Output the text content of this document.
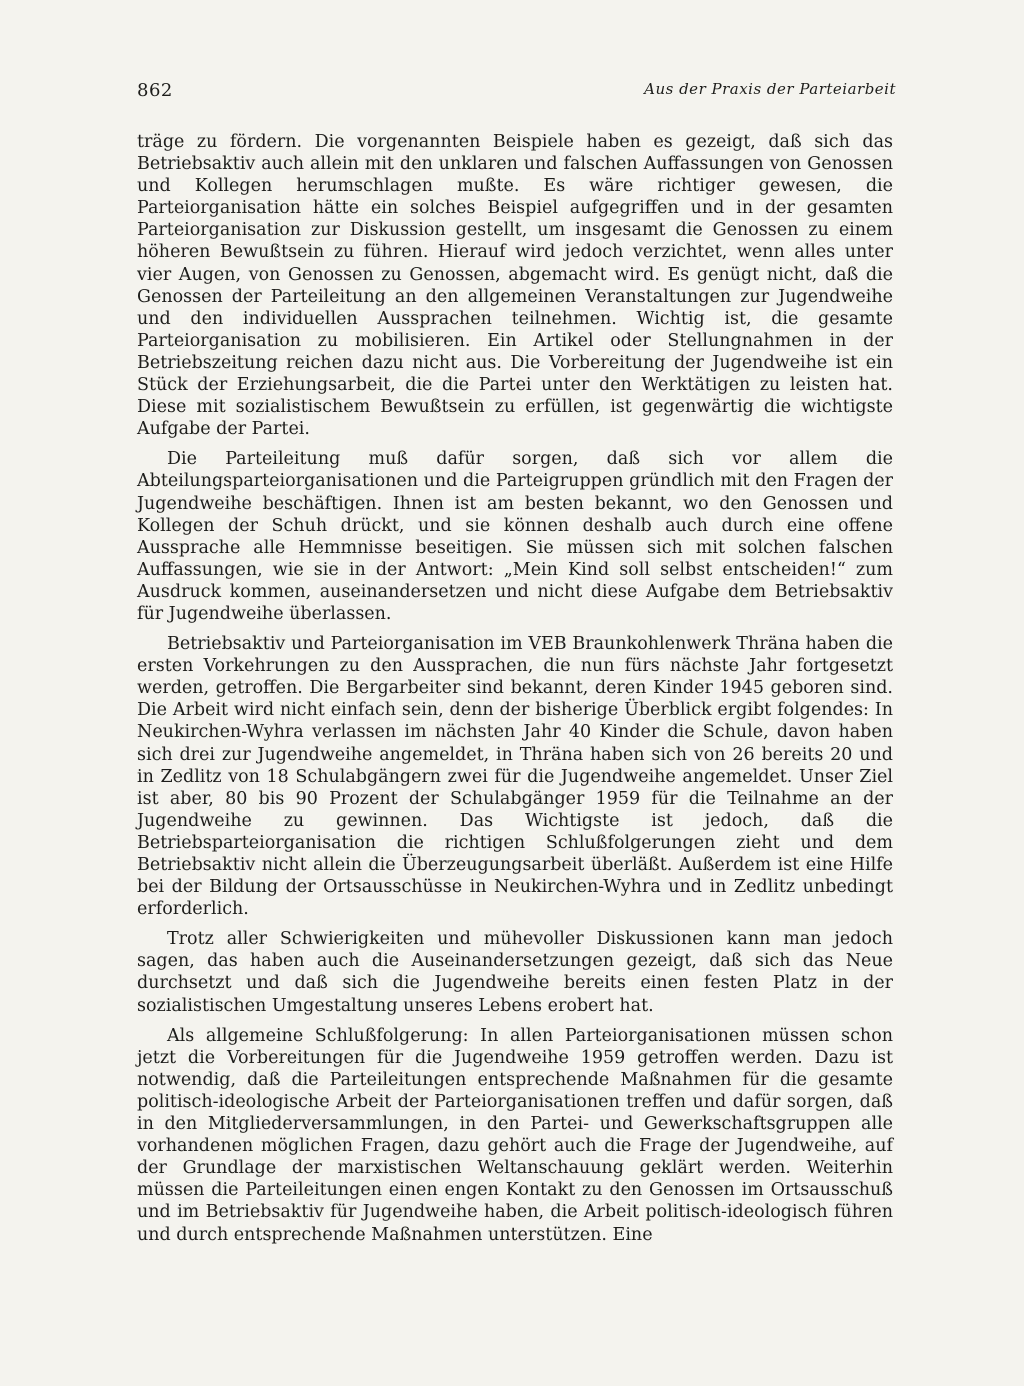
862	Aus der Praxis der Parteiarbeit

träge zu fördern. Die vorgenannten Beispiele haben es gezeigt, daß sich das Betriebsaktiv auch allein mit den unklaren und falschen Auffassungen von Genossen und Kollegen herumschlagen mußte. Es wäre richtiger gewesen, die Parteiorganisation hätte ein solches Beispiel aufgegriffen und in der gesamten Parteiorganisation zur Diskussion gestellt, um insgesamt die Genossen zu einem höheren Bewußtsein zu führen. Hierauf wird jedoch verzichtet, wenn alles unter vier Augen, von Genossen zu Genossen, abgemacht wird. Es genügt nicht, daß die Genossen der Parteileitung an den allgemeinen Veranstaltungen zur Jugendweihe und den individuellen Aussprachen teilnehmen. Wichtig ist, die gesamte Parteiorganisation zu mobilisieren. Ein Artikel oder Stellungnahmen in der Betriebszeitung reichen dazu nicht aus. Die Vorbereitung der Jugendweihe ist ein Stück der Erziehungsarbeit, die die Partei unter den Werktätigen zu leisten hat. Diese mit sozialistischem Bewußtsein zu erfüllen, ist gegenwärtig die wichtigste Aufgabe der Partei.

Die Parteileitung muß dafür sorgen, daß sich vor allem die Abteilungsparteiorganisationen und die Parteigruppen gründlich mit den Fragen der Jugendweihe beschäftigen. Ihnen ist am besten bekannt, wo den Genossen und Kollegen der Schuh drückt, und sie können deshalb auch durch eine offene Aussprache alle Hemmnisse beseitigen. Sie müssen sich mit solchen falschen Auffassungen, wie sie in der Antwort: „Mein Kind soll selbst entscheiden!“ zum Ausdruck kommen, auseinandersetzen und nicht diese Aufgabe dem Betriebsaktiv für Jugendweihe überlassen.

Betriebsaktiv und Parteiorganisation im VEB Braunkohlenwerk Thräna haben die ersten Vorkehrungen zu den Aussprachen, die nun fürs nächste Jahr fortgesetzt werden, getroffen. Die Bergarbeiter sind bekannt, deren Kinder 1945 geboren sind. Die Arbeit wird nicht einfach sein, denn der bisherige Überblick ergibt folgendes: In Neukirchen-Wyhra verlassen im nächsten Jahr 40 Kinder die Schule, davon haben sich drei zur Jugendweihe angemeldet, in Thräna haben sich von 26 bereits 20 und in Zedlitz von 18 Schulabgängern zwei für die Jugendweihe angemeldet. Unser Ziel ist aber, 80 bis 90 Prozent der Schulabgänger 1959 für die Teilnahme an der Jugendweihe zu gewinnen. Das Wichtigste ist jedoch, daß die Betriebsparteiorganisation die richtigen Schlußfolgerungen zieht und dem Betriebsaktiv nicht allein die Überzeugungsarbeit überläßt. Außerdem ist eine Hilfe bei der Bildung der Ortsausschüsse in Neukirchen-Wyhra und in Zedlitz unbedingt erforderlich.

Trotz aller Schwierigkeiten und mühevoller Diskussionen kann man jedoch sagen, das haben auch die Auseinandersetzungen gezeigt, daß sich das Neue durchsetzt und daß sich die Jugendweihe bereits einen festen Platz in der sozialistischen Umgestaltung unseres Lebens erobert hat.

Als allgemeine Schlußfolgerung: In allen Parteiorganisationen müssen schon jetzt die Vorbereitungen für die Jugendweihe 1959 getroffen werden. Dazu ist notwendig, daß die Parteileitungen entsprechende Maßnahmen für die gesamte politisch-ideologische Arbeit der Parteiorganisationen treffen und dafür sorgen, daß in den Mitgliederversammlungen, in den Partei- und Gewerkschaftsgruppen alle vorhandenen möglichen Fragen, dazu gehört auch die Frage der Jugendweihe, auf der Grundlage der marxistischen Weltanschauung geklärt werden. Weiterhin müssen die Parteileitungen einen engen Kontakt zu den Genossen im Ortsausschuß und im Betriebsaktiv für Jugendweihe haben, die Arbeit politisch-ideologisch führen und durch entsprechende Maßnahmen unterstützen. Eine
